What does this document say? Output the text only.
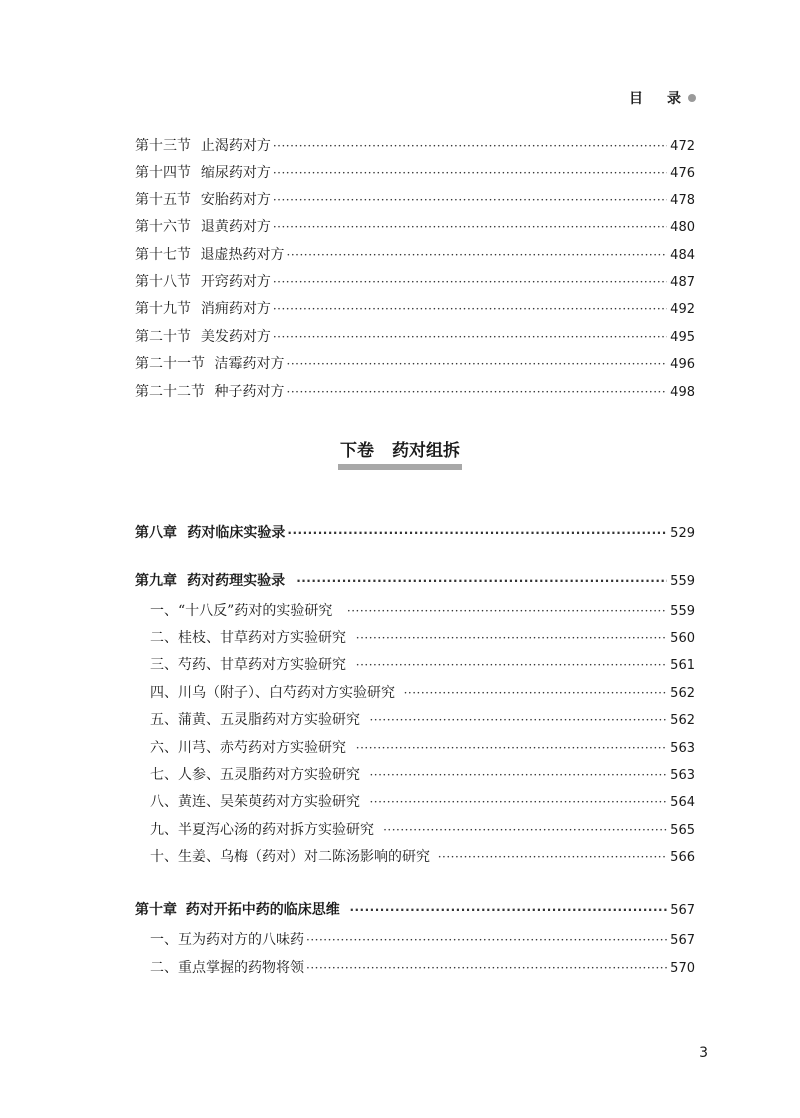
目 录
第十三节 止渴药对方 ·····	472
第十四节 缩尿药对方 ·····	476
第十五节 安胎药对方 ·····	478
第十六节 退黄药对方 ·····	480
第十七节 退虚热药对方 ·····	484
第十八节 开窍药对方 ·····	487
第十九节 消痈药对方 ·····	492
第二十节 美发药对方 ·····	495
第二十一节 洁霉药对方 ·····	496
第二十二节 种子药对方 ·····	498
下卷 药对组拆
第八章 药对临床实验录 ·····	529
第九章 药对药理实验录 ·····	559
一、“十八反”药对的实验研究 ·····	559
二、桂枝、甘草药对方实验研究 ·····	560
三、芍药、甘草药对方实验研究 ·····	561
四、川乌（附子）、白芍药对方实验研究 ·····	562
五、蒲黄、五灵脂药对方实验研究 ·····	562
六、川芎、赤芍药对方实验研究 ·····	563
七、人参、五灵脂药对方实验研究 ·····	563
八、黄连、吴茱萸药对方实验研究 ·····	564
九、半夏泻心汤的药对拆方实验研究 ·····	565
十、生姜、乌梅（药对）对二陈汤影响的研究 ·····	566
第十章 药对开拓中药的临床思维 ·····	567
一、互为药对方的八味药 ·····	567
二、重点掌握的药物将领 ·····	570
3
